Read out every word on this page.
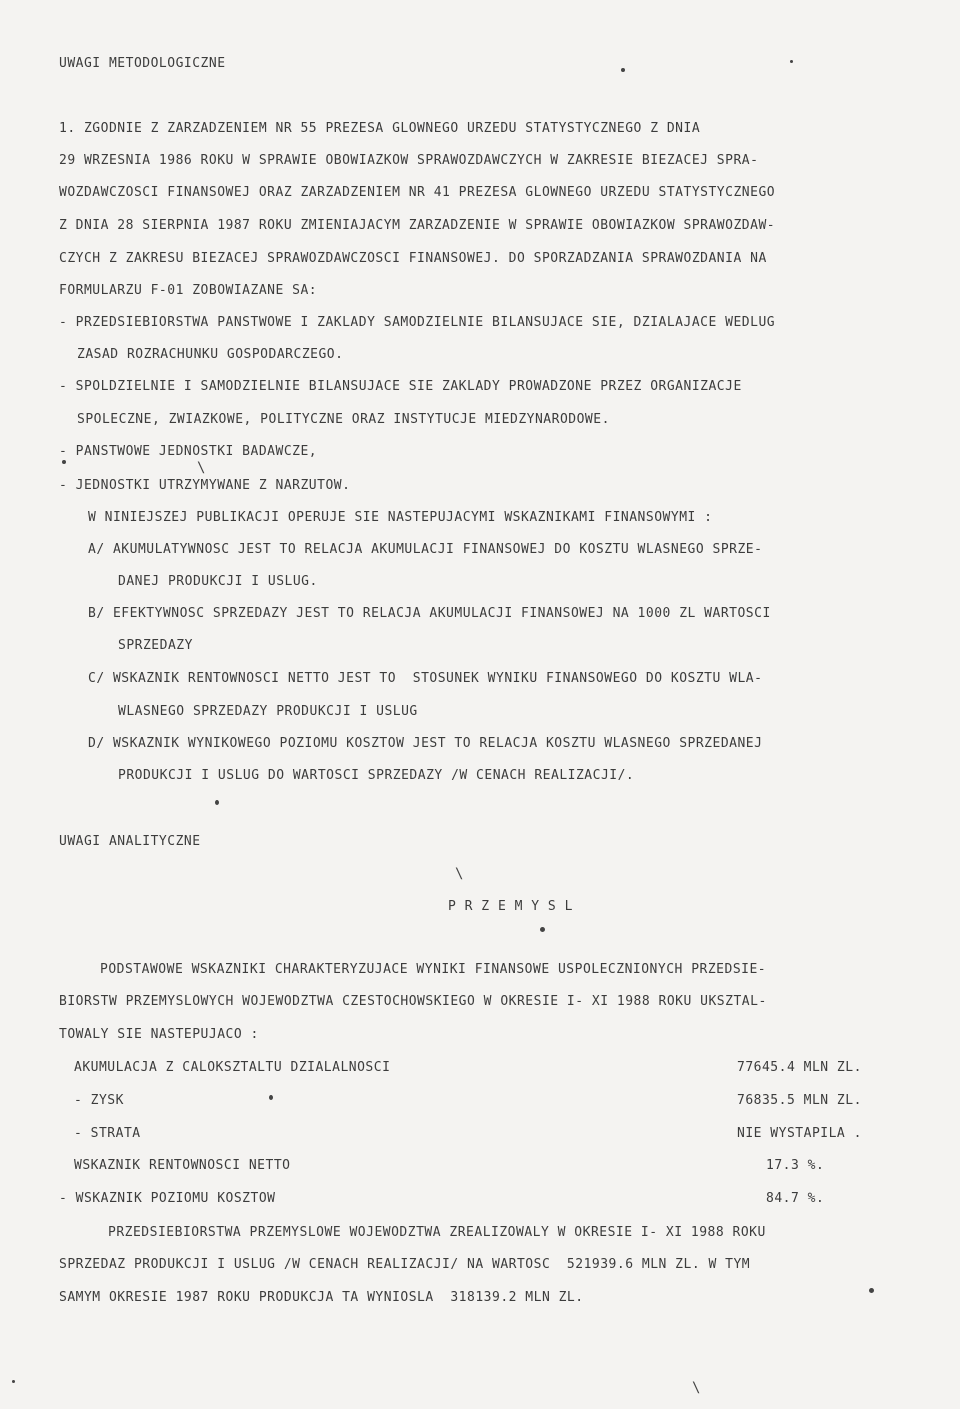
UWAGI METODOLOGICZNE
1. ZGODNIE Z ZARZADZENIEM NR 55 PREZESA GLOWNEGO URZEDU STATYSTYCZNEGO Z DNIA
29 WRZESNIA 1986 ROKU W SPRAWIE OBOWIAZKOW SPRAWOZDAWCZYCH W ZAKRESIE BIEZACEJ SPRA-
WOZDAWCZOSCI FINANSOWEJ ORAZ ZARZADZENIEM NR 41 PREZESA GLOWNEGO URZEDU STATYSTYCZNEGO
Z DNIA 28 SIERPNIA 1987 ROKU ZMIENIAJACYM ZARZADZENIE W SPRAWIE OBOWIAZKOW SPRAWOZDAW-
CZYCH Z ZAKRESU BIEZACEJ SPRAWOZDAWCZOSCI FINANSOWEJ. DO SPORZADZANIA SPRAWOZDANIA NA
FORMULARZU F-01 ZOBOWIAZANE SA:
- PRZEDSIEBIORSTWA PANSTWOWE I ZAKLADY SAMODZIELNIE BILANSUJACE SIE, DZIALAJACE WEDLUG
ZASAD ROZRACHUNKU GOSPODARCZEGO.
- SPOLDZIELNIE I SAMODZIELNIE BILANSUJACE SIE ZAKLADY PROWADZONE PRZEZ ORGANIZACJE
SPOLECZNE, ZWIAZKOWE, POLITYCZNE ORAZ INSTYTUCJE MIEDZYNARODOWE.
- PANSTWOWE JEDNOSTKI BADAWCZE,
- JEDNOSTKI UTRZYMYWANE Z NARZUTOW.
W NINIEJSZEJ PUBLIKACJI OPERUJE SIE NASTEPUJACYMI WSKAZNIKAMI FINANSOWYMI :
A/ AKUMULATYWNOSC JEST TO RELACJA AKUMULACJI FINANSOWEJ DO KOSZTU WLASNEGO SPRZE-
DANEJ PRODUKCJI I USLUG.
B/ EFEKTYWNOSC SPRZEDAZY JEST TO RELACJA AKUMULACJI FINANSOWEJ NA 1000 ZL WARTOSCI
SPRZEDAZY
C/ WSKAZNIK RENTOWNOSCI NETTO JEST TO  STOSUNEK WYNIKU FINANSOWEGO DO KOSZTU WLA-
WLASNEGO SPRZEDAZY PRODUKCJI I USLUG
D/ WSKAZNIK WYNIKOWEGO POZIOMU KOSZTOW JEST TO RELACJA KOSZTU WLASNEGO SPRZEDANEJ
PRODUKCJI I USLUG DO WARTOSCI SPRZEDAZY /W CENACH REALIZACJI/.
UWAGI ANALITYCZNE
P R Z E M Y S L
PODSTAWOWE WSKAZNIKI CHARAKTERYZUJACE WYNIKI FINANSOWE USPOLECZNIONYCH PRZEDSIE-
BIORSTW PRZEMYSLOWYCH WOJEWODZTWA CZESTOCHOWSKIEGO W OKRESIE I- XI 1988 ROKU UKSZTAL-
TOWALY SIE NASTEPUJACO :
AKUMULACJA Z CALOKSZTALTU DZIALALNOSCI	77645.4 MLN ZL.
- ZYSK	76835.5 MLN ZL.
- STRATA	NIE WYSTAPILA .
WSKAZNIK RENTOWNOSCI NETTO	17.3 %.
- WSKAZNIK POZIOMU KOSZTOW	84.7 %.
PRZEDSIEBIORSTWA PRZEMYSLOWE WOJEWODZTWA ZREALIZOWALY W OKRESIE I- XI 1988 ROKU
SPRZEDAZ PRODUKCJI I USLUG /W CENACH REALIZACJI/ NA WARTOSC  521939.6 MLN ZL. W TYM
SAMYM OKRESIE 1987 ROKU PRODUKCJA TA WYNIOSLA  318139.2 MLN ZL.
\
\
\
